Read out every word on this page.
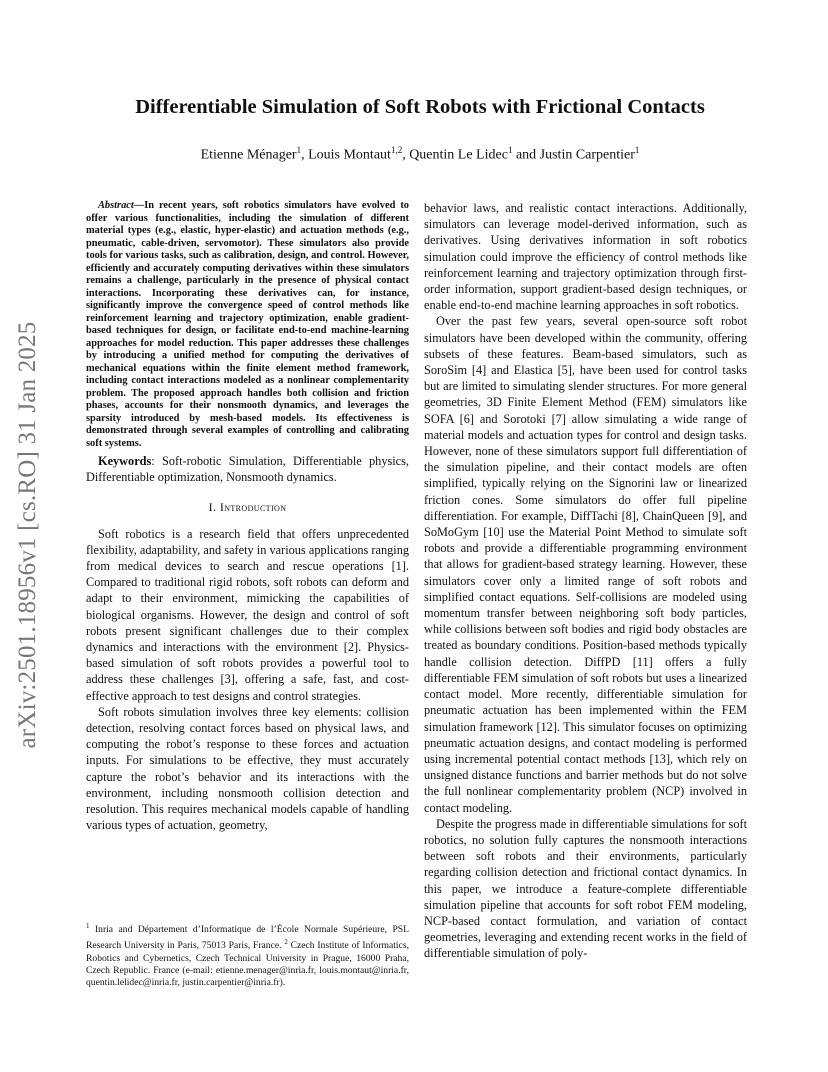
arXiv:2501.18956v1 [cs.RO] 31 Jan 2025
Differentiable Simulation of Soft Robots with Frictional Contacts
Etienne Ménager$^1$, Louis Montaut$^{1,2}$, Quentin Le Lidec$^1$ and Justin Carpentier$^1$

Abstract—In recent years, soft robotics simulators have evolved to offer various functionalities, including the simulation of different material types (e.g., elastic, hyper-elastic) and actuation methods (e.g., pneumatic, cable-driven, servomotor). These simulators also provide tools for various tasks, such as calibration, design, and control. However, efficiently and accurately computing derivatives within these simulators remains a challenge, particularly in the presence of physical contact interactions. Incorporating these derivatives can, for instance, significantly improve the convergence speed of control methods like reinforcement learning and trajectory optimization, enable gradient-based techniques for design, or facilitate end-to-end machine-learning approaches for model reduction. This paper addresses these challenges by introducing a unified method for computing the derivatives of mechanical equations within the finite element method framework, including contact interactions modeled as a nonlinear complementarity problem. The proposed approach handles both collision and friction phases, accounts for their nonsmooth dynamics, and leverages the sparsity introduced by mesh-based models. Its effectiveness is demonstrated through several examples of controlling and calibrating soft systems.

Keywords: Soft-robotic Simulation, Differentiable physics, Differentiable optimization, Nonsmooth dynamics.

I. Introduction

Soft robotics is a research field that offers unprecedented flexibility, adaptability, and safety in various applications ranging from medical devices to search and rescue operations [1]. Compared to traditional rigid robots, soft robots can deform and adapt to their environment, mimicking the capabilities of biological organisms. However, the design and control of soft robots present significant challenges due to their complex dynamics and interactions with the environment [2]. Physics-based simulation of soft robots provides a powerful tool to address these challenges [3], offering a safe, fast, and cost-effective approach to test designs and control strategies.

Soft robots simulation involves three key elements: collision detection, resolving contact forces based on physical laws, and computing the robot’s response to these forces and actuation inputs. For simulations to be effective, they must accurately capture the robot’s behavior and its interactions with the environment, including nonsmooth collision detection and resolution. This requires mechanical models capable of handling various types of actuation, geometry,

behavior laws, and realistic contact interactions. Additionally, simulators can leverage model-derived information, such as derivatives. Using derivatives information in soft robotics simulation could improve the efficiency of control methods like reinforcement learning and trajectory optimization through first-order information, support gradient-based design techniques, or enable end-to-end machine learning approaches in soft robotics.

Over the past few years, several open-source soft robot simulators have been developed within the community, offering subsets of these features. Beam-based simulators, such as SoroSim [4] and Elastica [5], have been used for control tasks but are limited to simulating slender structures. For more general geometries, 3D Finite Element Method (FEM) simulators like SOFA [6] and Sorotoki [7] allow simulating a wide range of material models and actuation types for control and design tasks. However, none of these simulators support full differentiation of the simulation pipeline, and their contact models are often simplified, typically relying on the Signorini law or linearized friction cones. Some simulators do offer full pipeline differentiation. For example, DiffTachi [8], ChainQueen [9], and SoMoGym [10] use the Material Point Method to simulate soft robots and provide a differentiable programming environment that allows for gradient-based strategy learning. However, these simulators cover only a limited range of soft robots and simplified contact equations. Self-collisions are modeled using momentum transfer between neighboring soft body particles, while collisions between soft bodies and rigid body obstacles are treated as boundary conditions. Position-based methods typically handle collision detection. DiffPD [11] offers a fully differentiable FEM simulation of soft robots but uses a linearized contact model. More recently, differentiable simulation for pneumatic actuation has been implemented within the FEM simulation framework [12]. This simulator focuses on optimizing pneumatic actuation designs, and contact modeling is performed using incremental potential contact methods [13], which rely on unsigned distance functions and barrier methods but do not solve the full nonlinear complementarity problem (NCP) involved in contact modeling.

Despite the progress made in differentiable simulations for soft robotics, no solution fully captures the nonsmooth interactions between soft robots and their environments, particularly regarding collision detection and frictional contact dynamics. In this paper, we introduce a feature-complete differentiable simulation pipeline that accounts for soft robot FEM modeling, NCP-based contact formulation, and variation of contact geometries, leveraging and extending recent works in the field of differentiable simulation of poly-

$^1$ Inria and Département d’Informatique de l’École Normale Supérieure, PSL Research University in Paris, 75013 Paris, France. $^2$ Czech Institute of Informatics, Robotics and Cybernetics, Czech Technical University in Prague, 16000 Praha, Czech Republic. France (e-mail: etienne.menager@inria.fr, louis.montaut@inria.fr, quentin.lelidec@inria.fr, justin.carpentier@inria.fr).
